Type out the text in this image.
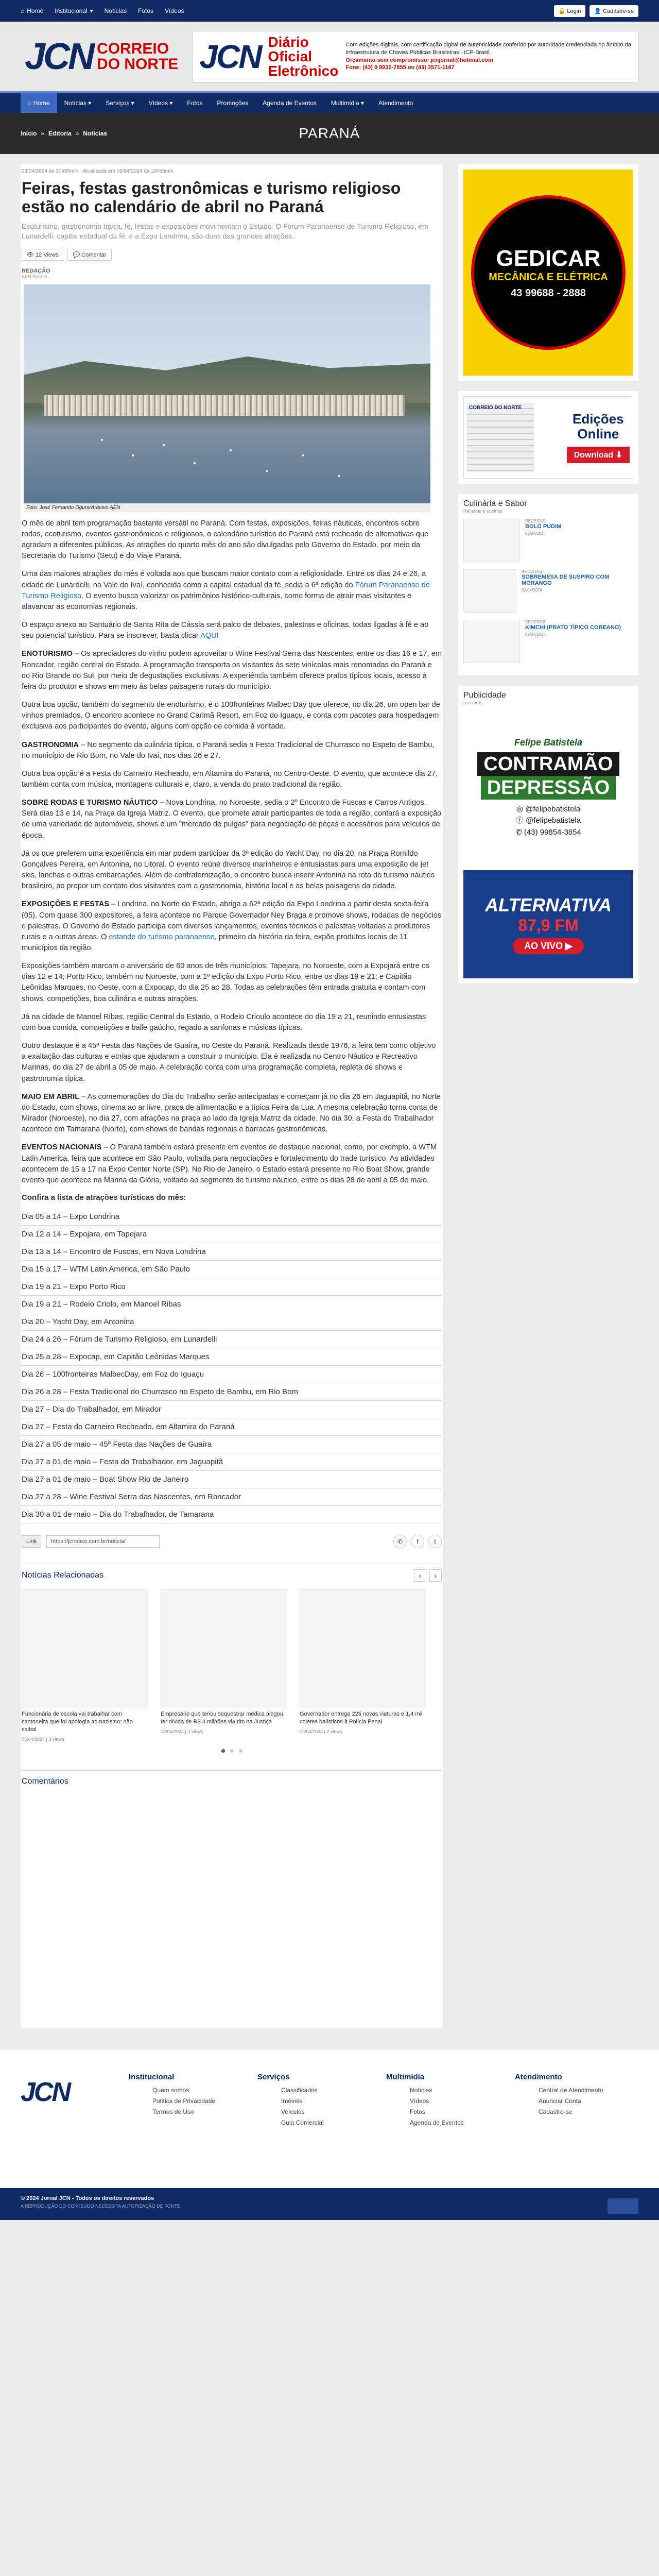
⌂ Home Institucional ▾ Notícias Fotos Vídeos	🔒 Login	👤 Cadastre-se
JCN CORREIO
DO NORTE JCN Diário
Oficial
Eletrônico
Com edições digitais, com certificação digital de autenticidade conferido por autoridade credenciada no âmbito da Infraestrutura de Chaves Públicas Brasileiras - ICP-Brasil.
Orçamento sem compromisso: jcnjornal@hotmail.com
Fone: (43) 9 9932-7855 ou (43) 3571-1167
⌂ Home Notícias ▾	Serviços ▾	Vídeos ▾	Fotos	Promoções	Agenda de Eventos	Multimídia ▾	Atendimento
Início » Editoria » Notícias	PARANÁ
03/04/2024 às 10h55min - Atualizada em 03/04/2024 às 10h55min
Feiras, festas gastronômicas e turismo religioso estão no calendário de abril no Paraná
Ecoturismo, gastronomia típica, fé, festas e exposições movimentam o Estado: O Fórum Paranaense de Turismo Religioso, em Lunardelli, capital estadual da fé, e a Expo Londrina, são duas das grandes atrações.
👁 12 Views	💬 Comentar
REDAÇÃO
AEN Paraná
Foto: José Fernando Ogura/Arquivo AEN

O mês de abril tem programação bastante versátil no Paraná. Com festas, exposições, feiras náuticas, encontros sobre rodas, ecoturismo, eventos gastronômicos e religiosos, o calendário turístico do Paraná está recheado de alternativas que agradam a diferentes públicos. As atrações do quarto mês do ano são divulgadas pelo Governo do Estado, por meio da Secretaria do Turismo (Setu) e do Viaje Paraná.

Uma das maiores atrações do mês é voltada aos que buscam maior contato com a religiosidade. Entre os dias 24 e 26, a cidade de Lunardelli, no Vale do Ivaí, conhecida como a capital estadual da fé, sedia a 6ª edição do Fórum Paranaense de Turismo Religioso. O evento busca valorizar os patrimônios histórico-culturais, como forma de atrair mais visitantes e alavancar as economias regionais.

O espaço anexo ao Santuário de Santa Rita de Cássia será palco de debates, palestras e oficinas, todas ligadas à fé e ao seu potencial turístico. Para se inscrever, basta clicar AQUI

ENOTURISMO – Os apreciadores do vinho podem aproveitar o Wine Festival Serra das Nascentes, entre os dias 16 e 17, em Roncador, região central do Estado. A programação transporta os visitantes às sete vinícolas mais renomadas do Paraná e do Rio Grande do Sul, por meio de degustações exclusivas. A experiência também oferece pratos típicos locais, acesso à feira do produtor e shows em meio às belas paisagens rurais do município.

Outra boa opção, também do segmento de enoturismo, é o 100fronteiras Malbec Day que oferece, no dia 26, um open bar de vinhos premiados. O encontro acontece no Grand Carimã Resort, em Foz do Iguaçu, e conta com pacotes para hospedagem exclusiva aos participantes do evento, alguns com opção de comida à vontade.

GASTRONOMIA – No segmento da culinária típica, o Paraná sedia a Festa Tradicional de Churrasco no Espeto de Bambu, no município de Rio Bom, no Vale do Ivaí, nos dias 26 e 27.

Outra boa opção é a Festa do Carneiro Recheado, em Altamira do Paraná, no Centro-Oeste. O evento, que acontece dia 27, também conta com música, montagens culturais e, claro, a venda do prato tradicional da região.

SOBRE RODAS E TURISMO NÁUTICO – Nova Londrina, no Noroeste, sedia o 2º Encontro de Fuscas e Carros Antigos. Será dias 13 e 14, na Praça da Igreja Matriz. O evento, que promete atrair participantes de toda a região, contará a exposição de uma variedade de automóveis, shows e um "mercado de pulgas" para negociação de peças e acessórios para veículos de época.

Já os que preferem uma experiência em mar podem participar da 3ª edição do Yacht Day, no dia 20, na Praça Romildo Gonçalves Pereira, em Antonina, no Litoral. O evento reúne diversos marinheiros e entusiastas para uma exposição de jet skis, lanchas e outras embarcações. Além de confraternização, o encontro busca inserir Antonina na rota do turismo náutico brasileiro, ao propor um contato dos visitantes com a gastronomia, história local e as belas paisagens da cidade.

EXPOSIÇÕES E FESTAS – Londrina, no Norte do Estado, abriga a 62ª edição da Expo Londrina a partir desta sexta-feira (05). Com quase 300 expositores, a feira acontece no Parque Governador Ney Braga e promove shows, rodadas de negócios e palestras. O Governo do Estado participa com diversos lançamentos, eventos técnicos e palestras voltadas a produtores rurais e a outras áreas. O estande do turismo paranaense, primeiro da história da feira, expõe produtos locais de 11 municípios da região.

Exposições também marcam o aniversário de 60 anos de três municípios: Tapejara, no Noroeste, com a Expojará entre os dias 12 e 14; Porto Rico, também no Noroeste, com a 1ª edição da Expo Porto Rico, entre os dias 19 e 21; e Capitão Leônidas Marques, no Oeste, com a Expocap, do dia 25 ao 28. Todas as celebrações têm entrada gratuita e contam com shows, competições, boa culinária e outras atrações.

Já na cidade de Manoel Ribas, região Central do Estado, o Rodeio Crioulo acontece do dia 19 a 21, reunindo entusiastas com boa comida, competições e baile gaúcho, regado a sanfonas e músicas típicas.

Outro destaque é a 45ª Festa das Nações de Guaíra, no Oeste do Paraná. Realizada desde 1976, a feira tem como objetivo a exaltação das culturas e etnias que ajudaram a construir o município. Ela é realizada no Centro Náutico e Recreativo Marinas, do dia 27 de abril a 05 de maio. A celebração conta com uma programação completa, repleta de shows e gastronomia típica.

MAIO EM ABRIL – As comemorações do Dia do Trabalho serão antecipadas e começam já no dia 26 em Jaguapitã, no Norte do Estado, com shows, cinema ao ar livre, praça de alimentação e a típica Feira da Lua. A mesma celebração torna conta de Mirador (Noroeste), no dia 27, com atrações na praça ao lado da Igreja Matriz da cidade. No dia 30, a Festa do Trabalhador acontece em Tamarana (Norte), com shows de bandas regionais e barracas gastronômicas.

EVENTOS NACIONAIS – O Paraná também estará presente em eventos de destaque nacional, como, por exemplo, a WTM Latin America, feira que acontece em São Paulo, voltada para negociações e fortalecimento do trade turístico. As atividades acontecem de 15 a 17 na Expo Center Norte (SP). No Rio de Janeiro, o Estado estará presente no Rio Boat Show, grande evento que acontece na Marina da Glória, voltado ao segmento de turismo náutico, entre os dias 28 de abril a 05 de maio.

Confira a lista de atrações turísticas do mês:
Dia 05 a 14 – Expo Londrina
Dia 12 a 14 – Expojara, em Tapejara
Dia 13 a 14 – Encontro de Fuscas, em Nova Londrina
Dia 15 a 17 – WTM Latin America, em São Paulo
Dia 19 a 21 – Expo Porto Rico
Dia 19 a 21 – Rodeio Criolo, em Manoel Ribas
Dia 20 – Yacht Day, em Antonina
Dia 24 a 26 – Fórum de Turismo Religioso, em Lunardelli
Dia 25 a 28 – Expocap, em Capitão Leônidas Marques
Dia 26 – 100fronteiras MalbecDay, em Foz do Iguaçu
Dia 26 a 28 – Festa Tradicional do Churrasco no Espeto de Bambu, em Rio Bom
Dia 27 – Dia do Trabalhador, em Mirador
Dia 27 – Festa do Carneiro Recheado, em Altamira do Paraná
Dia 27 a 05 de maio – 45ª Festa das Nações de Guaíra
Dia 27 a 01 de maio – Festa do Trabalhador, em Jaguapitã
Dia 27 a 01 de maio – Boat Show Rio de Janeiro
Dia 27 a 28 – Wine Festival Serra das Nascentes, em Roncador
Dia 30 a 01 de maio – Dia do Trabalhador, de Tamarana
Link
https://jcnatico.com.br/noticia/	✆	f	t
Notícias Relacionadas	‹	›
Funcionária de escola vai trabalhar com cantoneira que foi apologia ao nazismo: não saibal
03/04/2024 | 3 views
Empresário que teriou sequestrar médica alegou ter dívida de R$ 3 milhões via rito na Justiça
03/04/2024 | 3 views
Governador entrega 225 novas viaturas e 1,4 mil coletes balísticos à Polícia Penal
03/04/2024 | 2 views
Comentários
GEDICAR
MECÂNICA E ELÉTRICA
43 99688 - 2888
CORREIO DO NORTE
Edições
Online
Download ⬇
Culinária e Sabor
Receitas e ensinos
RECEITAS
BOLO PUDIM
02/04/2024
RECEITAS
SOBREMESA DE SUSPIRO COM MORANGO
02/04/2024
RECEITAS
KIMCHI (PRATO TÍPICO COREANO)
02/04/2024
Publicidade
parceiros
Felipe Batistela
CONTRAMÃO
DEPRESSÃO
◎ @felipebatistela
ⓕ @felipebatistela
✆ (43) 99854-3854
ALTERNATIVA
87,9 FM
AO VIVO ▶
JCN
Institucional
Quem somos
Política de Privacidade
Termos de Uso
Serviços
Classificados
Imóveis
Veículos
Guia Comercial
Multimídia
Notícias
Vídeos
Fotos
Agenda de Eventos
Atendimento
Central de Atendimento
Anunciar Conta
Cadastre-se
© 2024 Jornal JCN - Todos os direitos reservados
A REPRODUÇÃO DO CONTEÚDO NECESSITA AUTORIZAÇÃO DE FONTE
